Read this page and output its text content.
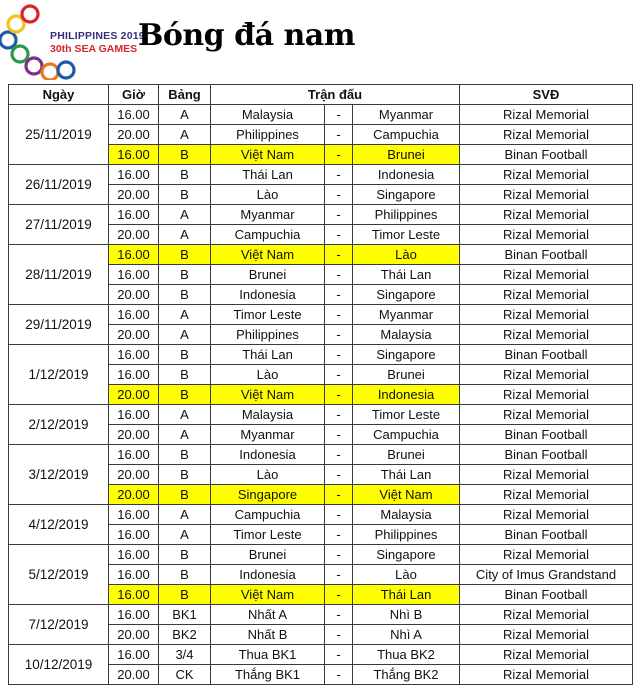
PHILIPPINES 2019
30th SEA GAMES Bóng đá nam
Ngày	Giờ	Bảng	Trận đấu			SVĐ
25/11/2019	16.00	A	Malaysia	-	Myanmar	Rizal Memorial
	20.00	A	Philippines	-	Campuchia	Rizal Memorial
	16.00	B	Việt Nam	-	Brunei	Binan Football
26/11/2019	16.00	B	Thái Lan	-	Indonesia	Rizal Memorial
	20.00	B	Lào	-	Singapore	Rizal Memorial
27/11/2019	16.00	A	Myanmar	-	Philippines	Rizal Memorial
	20.00	A	Campuchia	-	Timor Leste	Rizal Memorial
28/11/2019	16.00	B	Việt Nam	-	Lào	Binan Football
	16.00	B	Brunei	-	Thái Lan	Rizal Memorial
	20.00	B	Indonesia	-	Singapore	Rizal Memorial
29/11/2019	16.00	A	Timor Leste	-	Myanmar	Rizal Memorial
	20.00	A	Philippines	-	Malaysia	Rizal Memorial
1/12/2019	16.00	B	Thái Lan	-	Singapore	Binan Football
	16.00	B	Lào	-	Brunei	Rizal Memorial
	20.00	B	Việt Nam	-	Indonesia	Rizal Memorial
2/12/2019	16.00	A	Malaysia	-	Timor Leste	Rizal Memorial
	20.00	A	Myanmar	-	Campuchia	Binan Football
3/12/2019	16.00	B	Indonesia	-	Brunei	Binan Football
	20.00	B	Lào	-	Thái Lan	Rizal Memorial
	20.00	B	Singapore	-	Việt Nam	Rizal Memorial
4/12/2019	16.00	A	Campuchia	-	Malaysia	Rizal Memorial
	16.00	A	Timor Leste	-	Philippines	Binan Football
5/12/2019	16.00	B	Brunei	-	Singapore	Rizal Memorial
	16.00	B	Indonesia	-	Lào	City of Imus Grandstand
	16.00	B	Việt Nam	-	Thái Lan	Binan Football
7/12/2019	16.00	BK1	Nhất A	-	Nhì B	Rizal Memorial
	20.00	BK2	Nhất B	-	Nhì A	Rizal Memorial
10/12/2019	16.00	3/4	Thua BK1	-	Thua BK2	Rizal Memorial
	20.00	CK	Thắng BK1	-	Thắng BK2	Rizal Memorial
